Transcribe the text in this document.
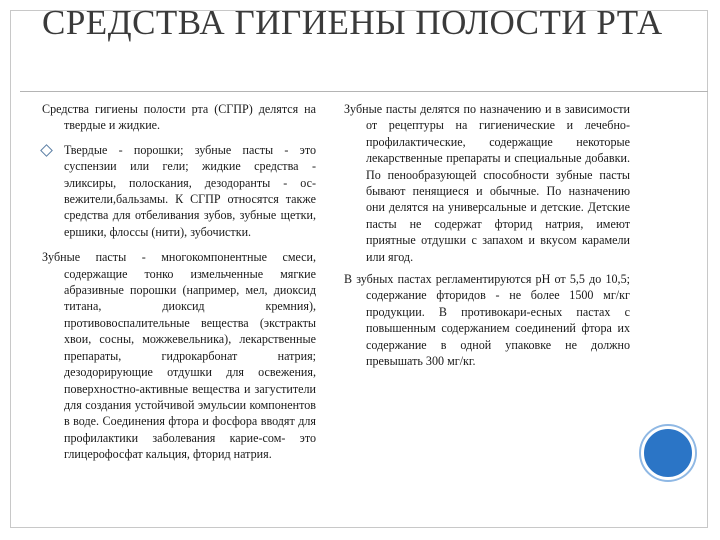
СРЕДСТВА ГИГИЕНЫ ПОЛОСТИ РТА

Средства гигиены полости рта (СГПР) делятся на твердые и жидкие.

Твердые - порошки; зубные пасты - это суспензии или гели; жидкие средства - эликсиры, полоскания, дезодоранты - ос-вежители,бальзамы. К СГПР относятся также средства для отбеливания зубов, зубные щетки, ершики, флоссы (нити), зубочистки.

Зубные пасты - многокомпонентные смеси, содержащие тонко измельченные мягкие абразивные порошки (например, мел, диоксид титана, диоксид кремния), противовоспалительные вещества (экстракты хвои, сосны, можжевельника), лекарственные препараты, гидрокарбонат натрия; дезодорирующие отдушки для освежения, поверхностно-активные вещества и загустители для создания устойчивой эмульсии компонентов в воде. Соединения фтора и фосфора вводят для профилактики заболевания карие-сом- это глицерофосфат кальция, фторид натрия.

Зубные пасты делятся по назначению и в зависимости от рецептуры на гигиенические и лечебно-профилактические, содержащие некоторые лекарственные препараты и специальные добавки. По пенообразующей способности зубные пасты бывают пенящиеся и обычные. По назначению они делятся на универсальные и детские. Детские пасты не содержат фторид натрия, имеют приятные отдушки с запахом и вкусом карамели или ягод.

В зубных пастах регламентируются рН от 5,5 до 10,5; содержание фторидов - не более 1500 мг/кг продукции. В противокари-есных пастах с повышенным содержанием соединений фтора их содержание в одной упаковке не должно превышать 300 мг/кг.
